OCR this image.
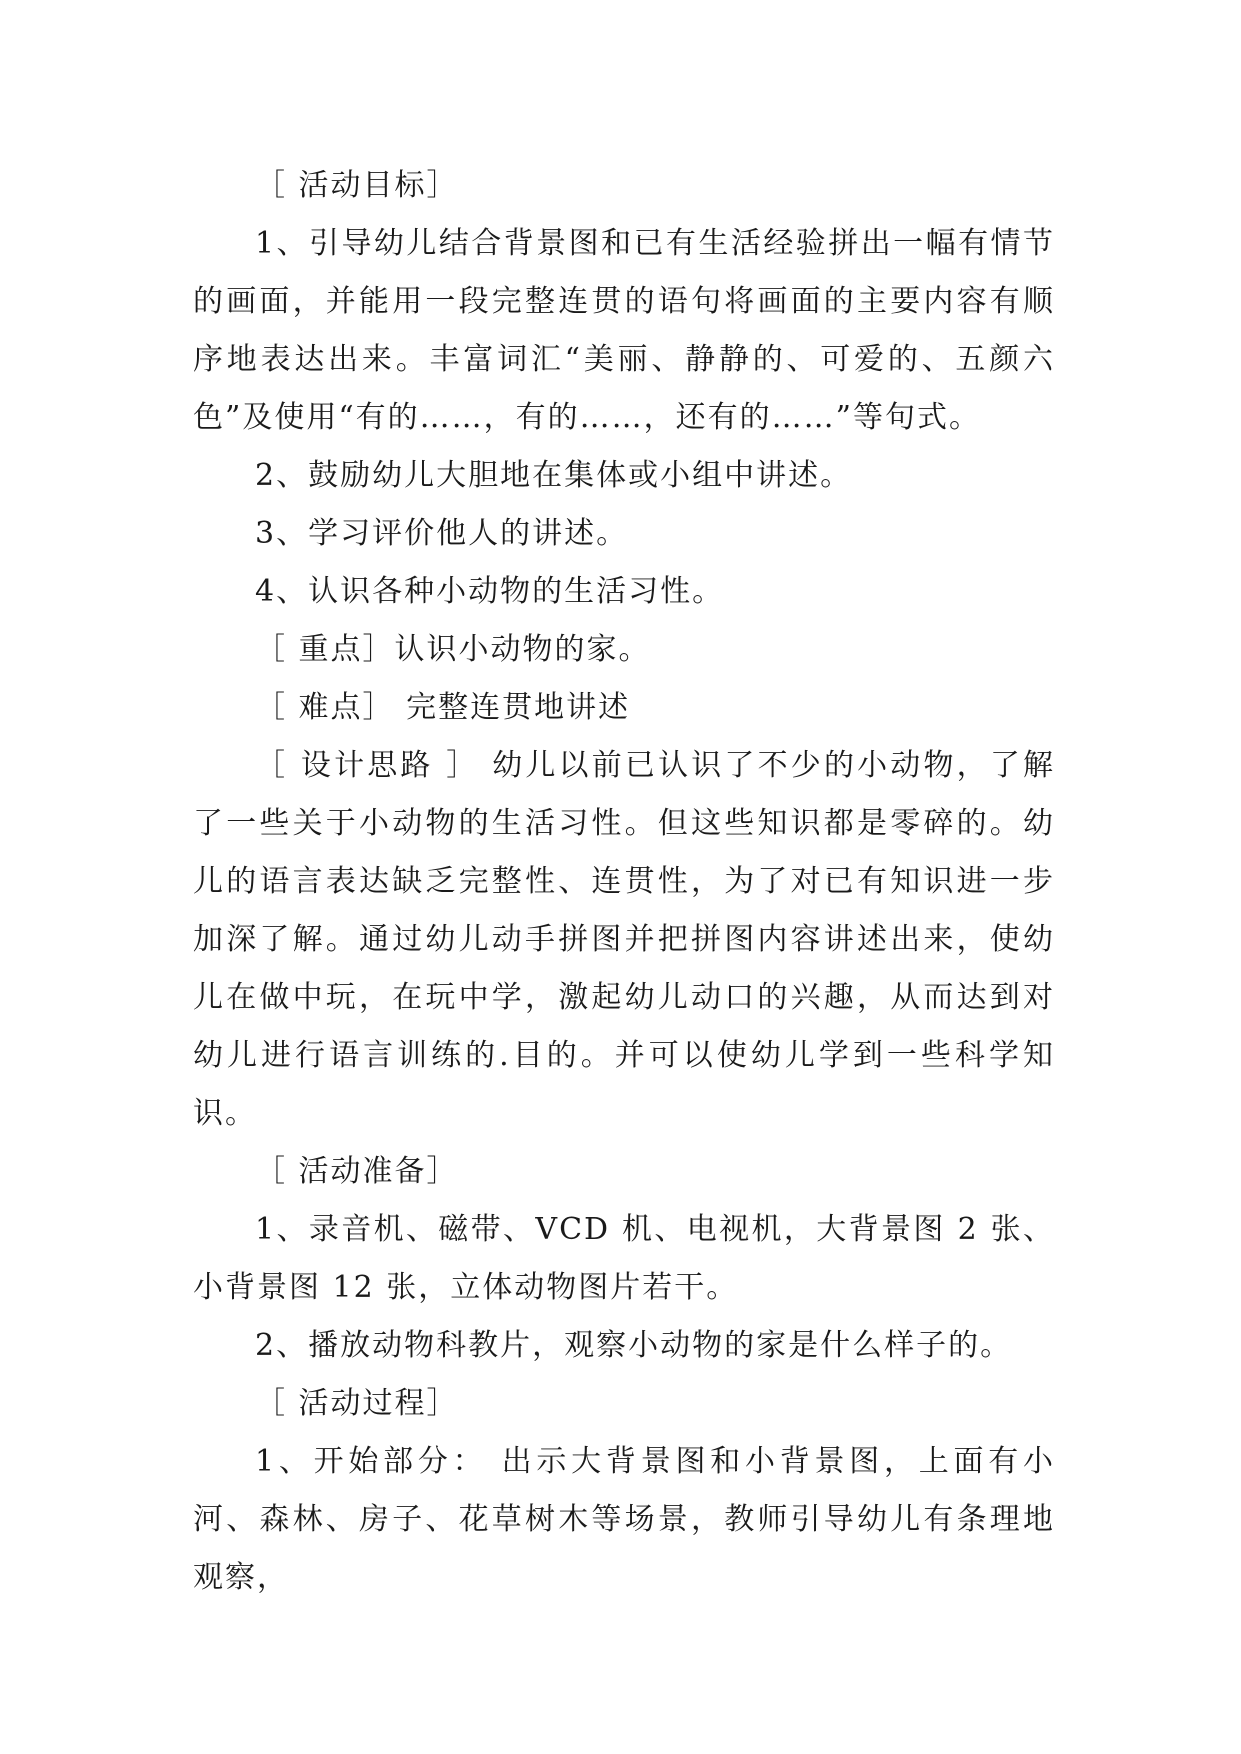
［ 活动目标］

1、引导幼儿结合背景图和已有生活经验拼出一幅有情节的画面，并能用一段完整连贯的语句将画面的主要内容有顺序地表达出来。丰富词汇“美丽、静静的、可爱的、五颜六色”及使用“有的……，有的……，还有的……”等句式。

2、鼓励幼儿大胆地在集体或小组中讲述。

3、学习评价他人的讲述。

4、认识各种小动物的生活习性。

［ 重点］认识小动物的家。

［ 难点］ 完整连贯地讲述

［ 设计思路 ］ 幼儿以前已认识了不少的小动物，了解了一些关于小动物的生活习性。但这些知识都是零碎的。幼儿的语言表达缺乏完整性、连贯性，为了对已有知识进一步加深了解。通过幼儿动手拼图并把拼图内容讲述出来，使幼儿在做中玩，在玩中学，激起幼儿动口的兴趣，从而达到对幼儿进行语言训练的.目的。并可以使幼儿学到一些科学知识。

［ 活动准备］

1、录音机、磁带、VCD 机、电视机，大背景图 2 张、小背景图 12 张，立体动物图片若干。

2、播放动物科教片，观察小动物的家是什么样子的。

［ 活动过程］

1、开始部分： 出示大背景图和小背景图，上面有小河、森林、房子、花草树木等场景，教师引导幼儿有条理地观察，
